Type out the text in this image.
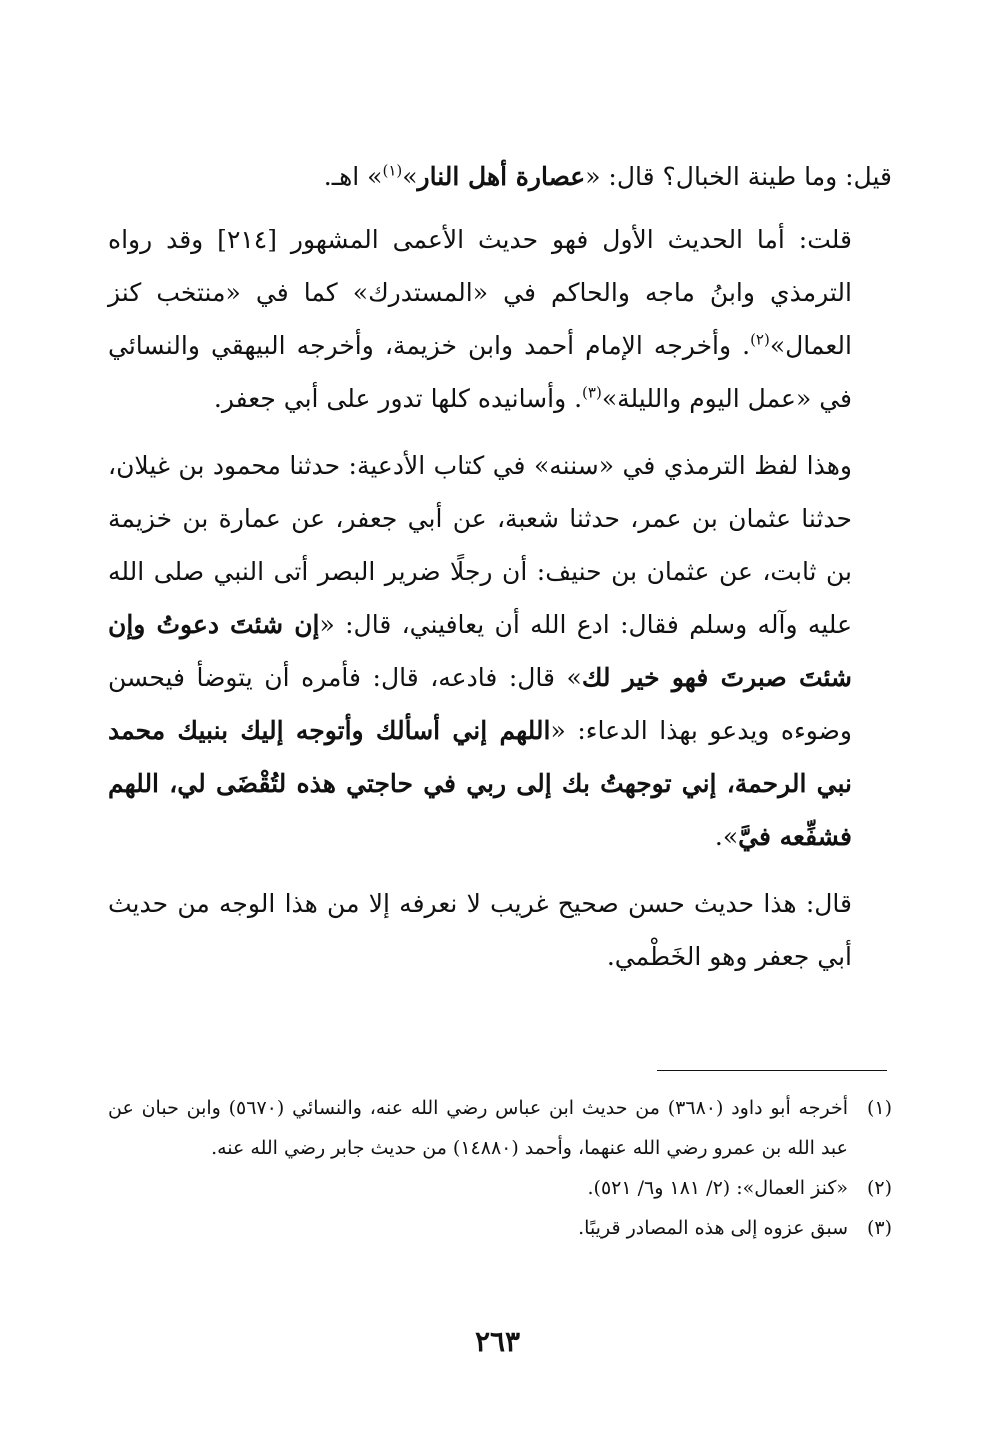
قيل: وما طينة الخبال؟ قال: «عصارة أهل النار»$^{(١)}$» اهـ.

قلت: أما الحديث الأول فهو حديث الأعمى المشهور [٢١٤] وقد رواه الترمذي وابنُ ماجه والحاكم في «المستدرك» كما في «منتخب كنز العمال»$^{(٢)}$. وأخرجه الإمام أحمد وابن خزيمة، وأخرجه البيهقي والنسائي في «عمل اليوم والليلة»$^{(٣)}$. وأسانيده كلها تدور على أبي جعفر.

وهذا لفظ الترمذي في «سننه» في كتاب الأدعية: حدثنا محمود بن غيلان، حدثنا عثمان بن عمر، حدثنا شعبة، عن أبي جعفر، عن عمارة بن خزيمة بن ثابت، عن عثمان بن حنيف: أن رجلًا ضرير البصر أتى النبي صلى الله عليه وآله وسلم فقال: ادع الله أن يعافيني، قال: «إن شئتَ دعوتُ وإن شئتَ صبرتَ فهو خير لك» قال: فادعه، قال: فأمره أن يتوضأ فيحسن وضوءه ويدعو بهذا الدعاء: «اللهم إني أسألك وأتوجه إليك بنبيك محمد نبي الرحمة، إني توجهتُ بك إلى ربي في حاجتي هذه لتُقْضَى لي، اللهم فشفِّعه فيَّ».

قال: هذا حديث حسن صحيح غريب لا نعرفه إلا من هذا الوجه من حديث أبي جعفر وهو الخَطْمي.

(١)
أخرجه أبو داود (٣٦٨٠) من حديث ابن عباس رضي الله عنه، والنسائي (٥٦٧٠) وابن حبان عن عبد الله بن عمرو رضي الله عنهما، وأحمد (١٤٨٨٠) من حديث جابر رضي الله عنه.
(٢)
«كنز العمال»: (٢/ ١٨١ و٦/ ٥٢١).
(٣)
سبق عزوه إلى هذه المصادر قريبًا.
٢٦٣
